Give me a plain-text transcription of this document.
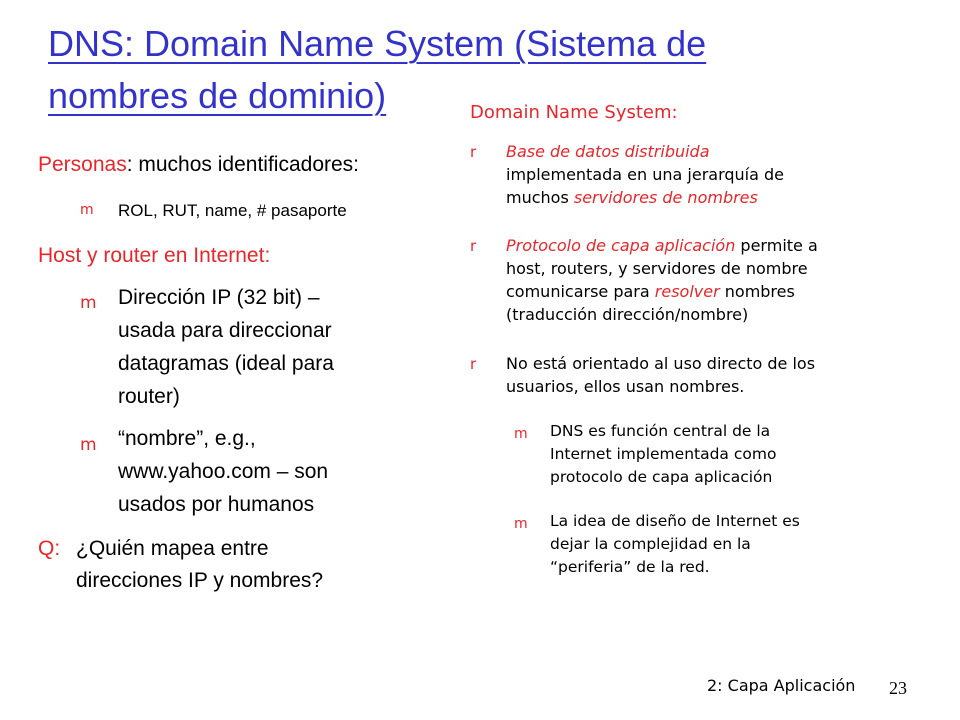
DNS: Domain Name System (Sistema de
nombres de dominio)
Personas: muchos identificadores:
m ROL, RUT, name, # pasaporte
Host y router en Internet:
m Dirección IP (32 bit) –
usada para direccionar
datagramas (ideal para
router)
m “nombre”, e.g.,
www.yahoo.com – son
usados por humanos
Q: ¿Quién mapea entre
direcciones IP y nombres?
Domain Name System:
r Base de datos distribuida
implementada en una jerarquía de
muchos servidores de nombres
r Protocolo de capa aplicación permite a
host, routers, y servidores de nombre
comunicarse para resolver nombres
(traducción dirección/nombre)
r No está orientado al uso directo de los
usuarios, ellos usan nombres.
m DNS es función central de la
Internet implementada como
protocolo de capa aplicación
m La idea de diseño de Internet es
dejar la complejidad en la
“periferia” de la red.
2: Capa Aplicación 23
